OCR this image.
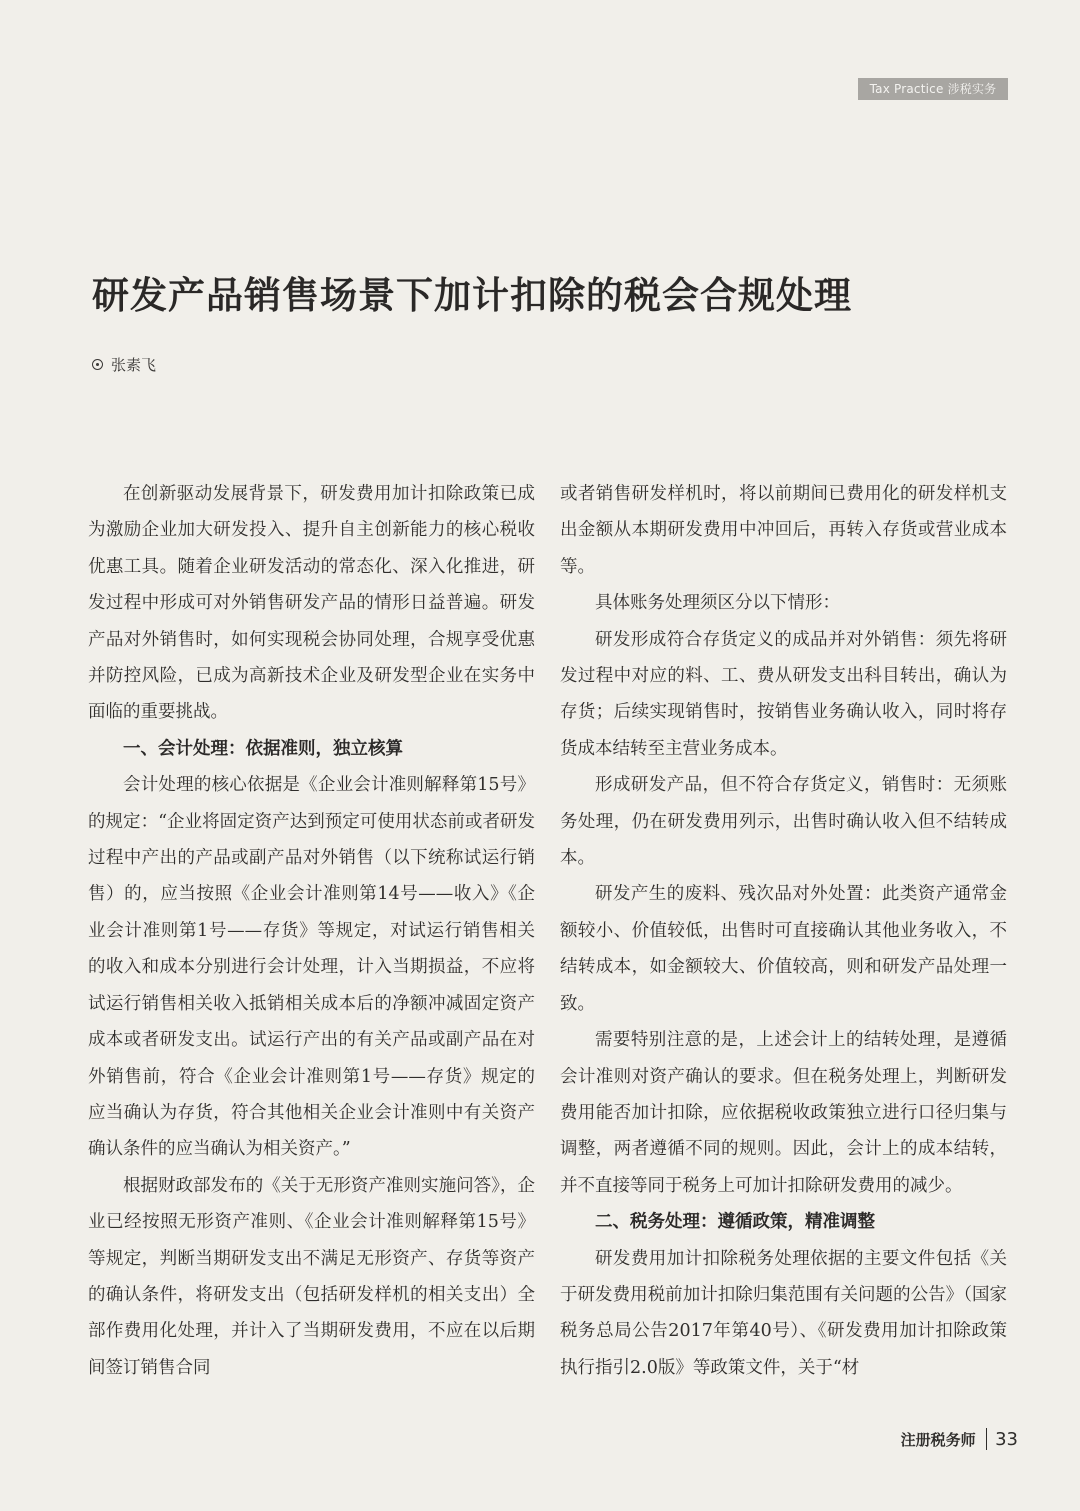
Tax Practice 涉税实务
研发产品销售场景下加计扣除的税会合规处理
张素飞

在创新驱动发展背景下，研发费用加计扣除政策已成为激励企业加大研发投入、提升自主创新能力的核心税收优惠工具。随着企业研发活动的常态化、深入化推进，研发过程中形成可对外销售研发产品的情形日益普遍。研发产品对外销售时，如何实现税会协同处理，合规享受优惠并防控风险，已成为高新技术企业及研发型企业在实务中面临的重要挑战。

一、会计处理：依据准则，独立核算

会计处理的核心依据是《企业会计准则解释第15号》的规定：“企业将固定资产达到预定可使用状态前或者研发过程中产出的产品或副产品对外销售（以下统称试运行销售）的，应当按照《企业会计准则第14号——收入》《企业会计准则第1号——存货》等规定，对试运行销售相关的收入和成本分别进行会计处理，计入当期损益，不应将试运行销售相关收入抵销相关成本后的净额冲减固定资产成本或者研发支出。试运行产出的有关产品或副产品在对外销售前，符合《企业会计准则第1号——存货》规定的应当确认为存货，符合其他相关企业会计准则中有关资产确认条件的应当确认为相关资产。”

根据财政部发布的《关于无形资产准则实施问答》，企业已经按照无形资产准则、《企业会计准则解释第15号》等规定，判断当期研发支出不满足无形资产、存货等资产的确认条件，将研发支出（包括研发样机的相关支出）全部作费用化处理，并计入了当期研发费用，不应在以后期间签订销售合同

或者销售研发样机时，将以前期间已费用化的研发样机支出金额从本期研发费用中冲回后，再转入存货或营业成本等。

具体账务处理须区分以下情形：

研发形成符合存货定义的成品并对外销售：须先将研发过程中对应的料、工、费从研发支出科目转出，确认为存货；后续实现销售时，按销售业务确认收入，同时将存货成本结转至主营业务成本。

形成研发产品，但不符合存货定义，销售时：无须账务处理，仍在研发费用列示，出售时确认收入但不结转成本。

研发产生的废料、残次品对外处置：此类资产通常金额较小、价值较低，出售时可直接确认其他业务收入，不结转成本，如金额较大、价值较高，则和研发产品处理一致。

需要特别注意的是，上述会计上的结转处理，是遵循会计准则对资产确认的要求。但在税务处理上，判断研发费用能否加计扣除，应依据税收政策独立进行口径归集与调整，两者遵循不同的规则。因此，会计上的成本结转，并不直接等同于税务上可加计扣除研发费用的减少。

二、税务处理：遵循政策，精准调整

研发费用加计扣除税务处理依据的主要文件包括《关于研发费用税前加计扣除归集范围有关问题的公告》（国家税务总局公告2017年第40号）、《研发费用加计扣除政策执行指引2.0版》等政策文件，关于“材

注册税务师 33
